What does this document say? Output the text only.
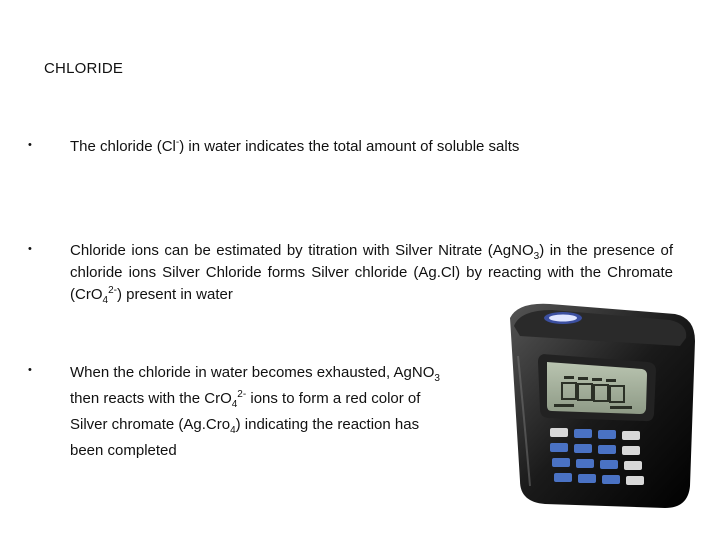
CHLORIDE
•	The chloride (Cl-) in water indicates the total amount of soluble salts
•	Chloride ions can be estimated by titration with Silver Nitrate (AgNO$_3$) in the presence of chloride ions Silver Chloride forms Silver chloride (Ag.Cl) by reacting with the Chromate (CrO$_4^{2-}$) present in water
•	When the chloride in water becomes exhausted, AgNO$_3$ then reacts with the CrO$_4^{2-}$ ions to form a red color of Silver chromate (Ag.Cro$_4$) indicating the reaction has been completed
